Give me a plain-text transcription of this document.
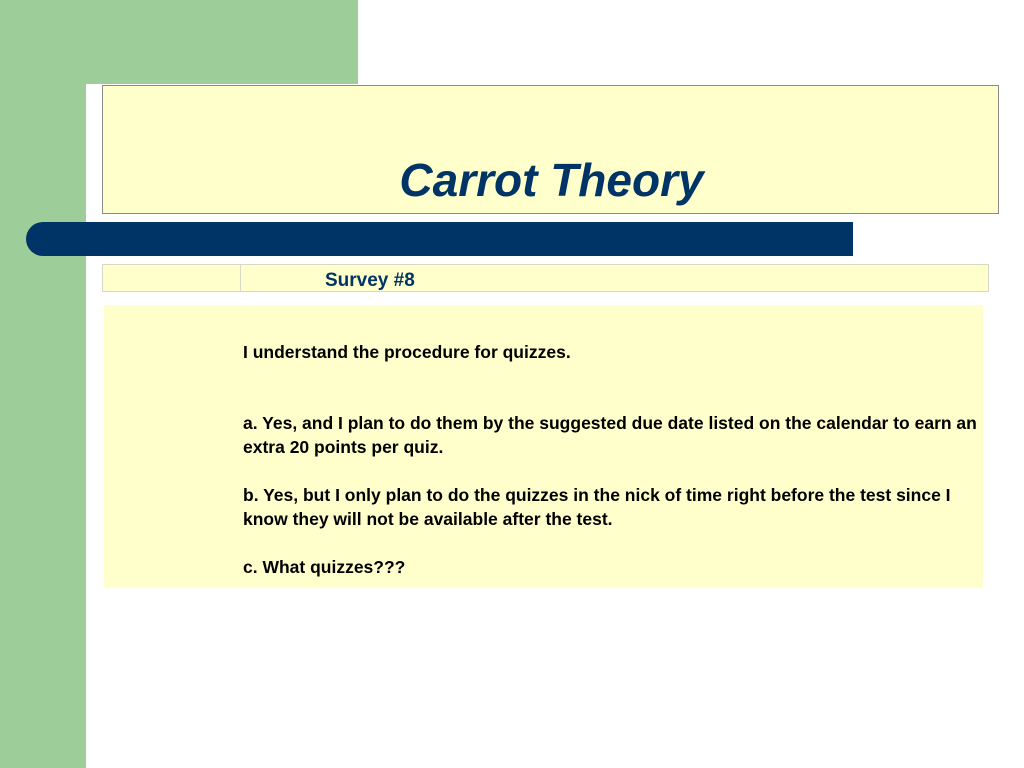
Carrot Theory
Survey #8

I understand the procedure for quizzes.

a. Yes, and I plan to do them by the suggested due date listed on the calendar to earn an extra 20 points per quiz.

b. Yes, but I only plan to do the quizzes in the nick of time right before the test since I know they will not be available after the test.

c. What quizzes???
